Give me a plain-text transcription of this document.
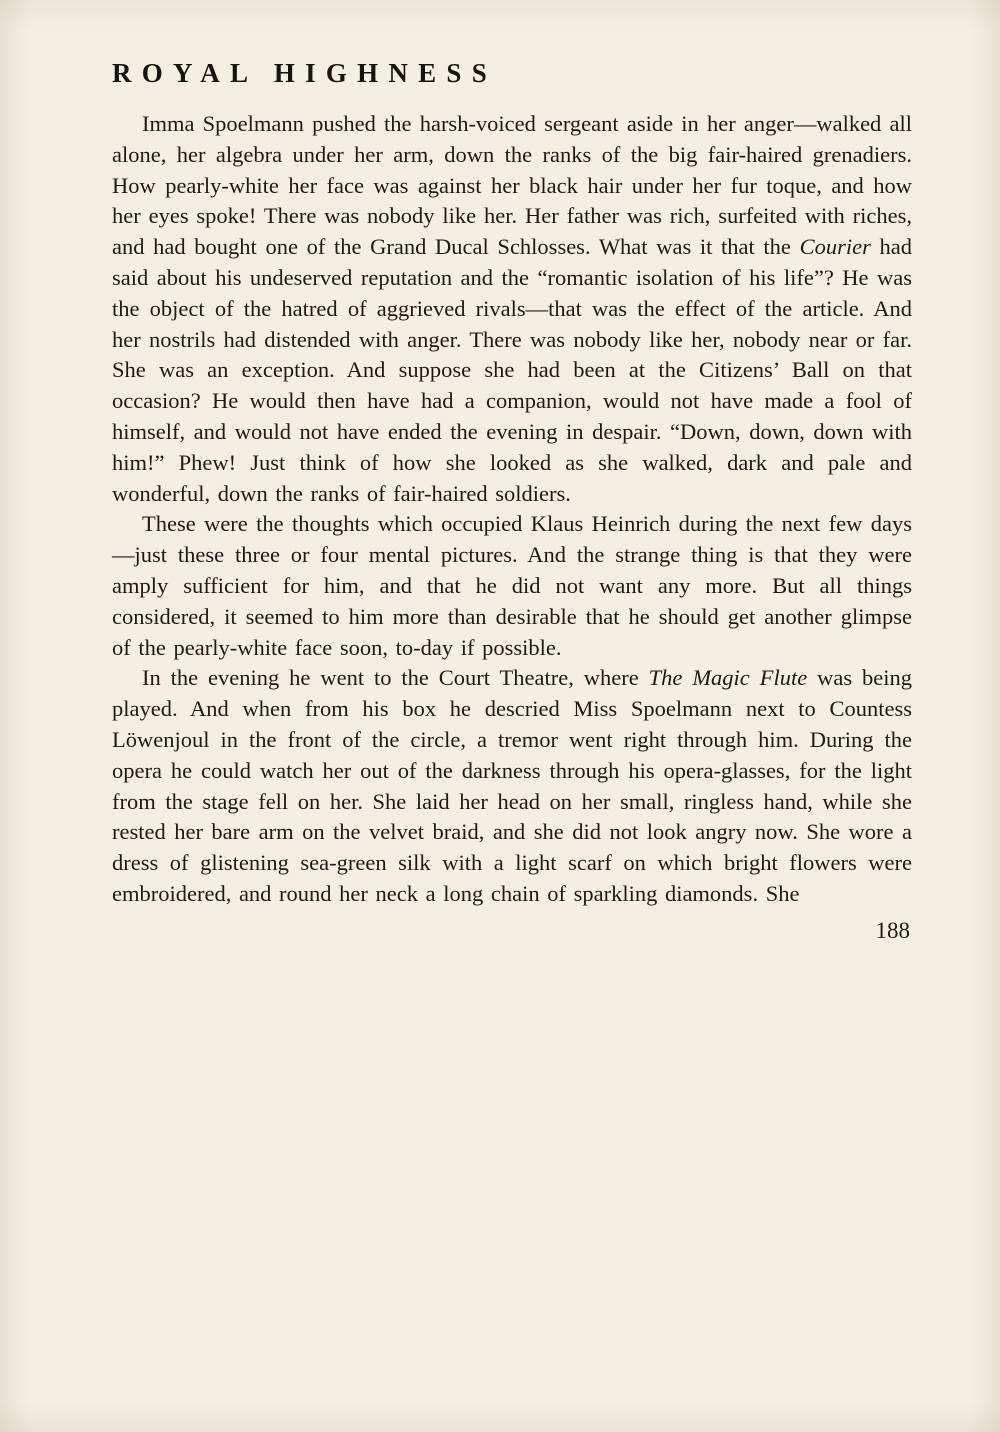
ROYAL HIGHNESS

Imma Spoelmann pushed the harsh-voiced sergeant aside in her anger—walked all alone, her algebra under her arm, down the ranks of the big fair-haired grenadiers. How pearly-white her face was against her black hair under her fur toque, and how her eyes spoke! There was nobody like her. Her father was rich, surfeited with riches, and had bought one of the Grand Ducal Schlosses. What was it that the Courier had said about his undeserved reputation and the “romantic isolation of his life”? He was the object of the hatred of aggrieved rivals—that was the effect of the article. And her nostrils had distended with anger. There was nobody like her, nobody near or far. She was an exception. And suppose she had been at the Citizens’ Ball on that occasion? He would then have had a companion, would not have made a fool of himself, and would not have ended the evening in despair. “Down, down, down with him!” Phew! Just think of how she looked as she walked, dark and pale and wonderful, down the ranks of fair-haired soldiers.

These were the thoughts which occupied Klaus Heinrich during the next few days—just these three or four mental pictures. And the strange thing is that they were amply sufficient for him, and that he did not want any more. But all things considered, it seemed to him more than desirable that he should get another glimpse of the pearly-white face soon, to-day if possible.

In the evening he went to the Court Theatre, where The Magic Flute was being played. And when from his box he descried Miss Spoelmann next to Countess Löwenjoul in the front of the circle, a tremor went right through him. During the opera he could watch her out of the darkness through his opera-glasses, for the light from the stage fell on her. She laid her head on her small, ringless hand, while she rested her bare arm on the velvet braid, and she did not look angry now. She wore a dress of glistening sea-green silk with a light scarf on which bright flowers were embroidered, and round her neck a long chain of sparkling diamonds. She

188
